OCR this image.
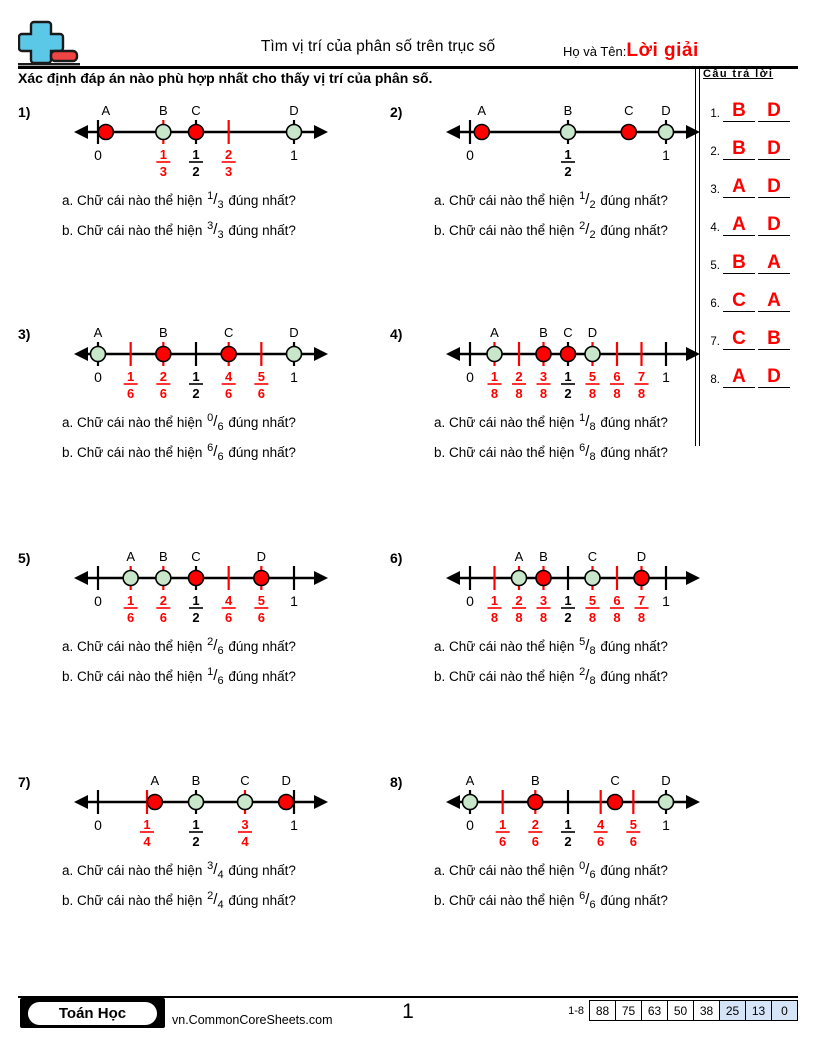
Tìm vị trí của phân số trên trục số	Họ và Tên:Lời giải
Xác định đáp án nào phù hợp nhất cho thấy vị trí của phân số.	Câu trả lời
1. B	D
2. B	D
3. A	D
4. A	D
5. B	A
6. C	A
7. C	B
8. A	D
1)
0	1
3
1
2
2
3
1
A	B C	D
a. Chữ cái nào thể hiện $^1/_3$ đúng nhất?
b. Chữ cái nào thể hiện $^3/_3$ đúng nhất?
2)
0	1
2
1
A	B	C D
a. Chữ cái nào thể hiện $^1/_2$ đúng nhất?
b. Chữ cái nào thể hiện $^2/_2$ đúng nhất?
3)
0 1
6
2
6
1
2
4
6
5
6
1
A	B	C	D
a. Chữ cái nào thể hiện $^0/_6$ đúng nhất?
b. Chữ cái nào thể hiện $^6/_6$ đúng nhất?
4)
0 1
8
2
8
3
8
1
2
5
8
6
8
7
8
1
A	B C D
a. Chữ cái nào thể hiện $^1/_8$ đúng nhất?
b. Chữ cái nào thể hiện $^6/_8$ đúng nhất?
5)
0 1
6
2
6
1
2
4
6
5
6
1
A B C	D
a. Chữ cái nào thể hiện $^2/_6$ đúng nhất?
b. Chữ cái nào thể hiện $^1/_6$ đúng nhất?
6)
0 1
8
2
8
3
8
1
2
5
8
6
8
7
8
1
A B	C	D
a. Chữ cái nào thể hiện $^5/_8$ đúng nhất?
b. Chữ cái nào thể hiện $^2/_8$ đúng nhất?
7)
0	1
4
1
2
3
4
1
A B	C D
a. Chữ cái nào thể hiện $^3/_4$ đúng nhất?
b. Chữ cái nào thể hiện $^2/_4$ đúng nhất?
8)
0 1
6
2
6
1
2
4
6
5
6
1
A	B	C	D
a. Chữ cái nào thể hiện $^0/_6$ đúng nhất?
b. Chữ cái nào thể hiện $^6/_6$ đúng nhất?
Toán Học	vn.CommonCoreSheets.com	1	1-8 88	75	63	50	38	25	13	0
